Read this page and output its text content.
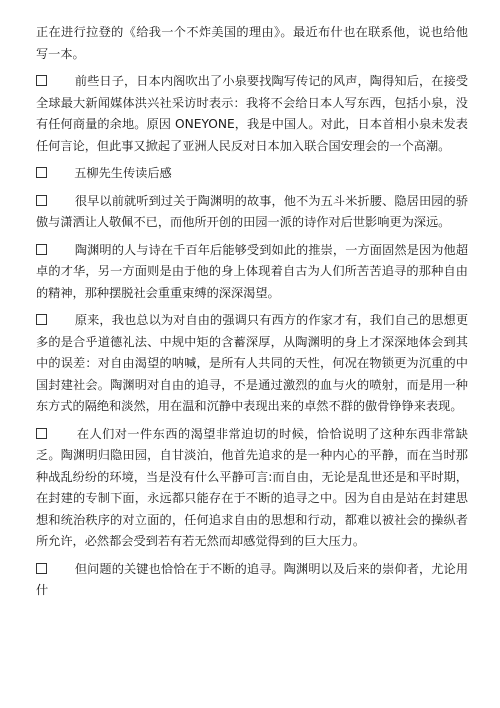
正在进行拉登的《给我一个不炸美国的理由》。最近布什也在联系他，说也给他写一本。

前些日子，日本内阁吹出了小泉要找陶写传记的风声，陶得知后，在接受全球最大新闻媒体洪兴社采访时表示：我将不会给日本人写东西，包括小泉，没有任何商量的余地。原因 ONEYONE，我是中国人。对此，日本首相小泉未发表任何言论，但此事又掀起了亚洲人民反对日本加入联合国安理会的一个高潮。

五柳先生传读后感

很早以前就听到过关于陶渊明的故事，他不为五斗米折腰、隐居田园的骄傲与潇洒让人敬佩不已，而他所开创的田园一派的诗作对后世影响更为深远。

陶渊明的人与诗在千百年后能够受到如此的推崇，一方面固然是因为他超卓的才华，另一方面则是由于他的身上体现着自古为人们所苦苦追寻的那种自由的精神，那种摆脱社会重重束缚的深深渴望。

原来，我也总以为对自由的强调只有西方的作家才有，我们自己的思想更多的是合乎道德礼法、中规中矩的含蓄深厚，从陶渊明的身上才深深地体会到其中的误差：对自由渴望的呐喊，是所有人共同的天性，何况在物锁更为沉重的中国封建社会。陶渊明对自由的追寻，不是通过激烈的血与火的喷射，而是用一种东方式的隔绝和淡然，用在温和沉静中表现出来的卓然不群的傲骨铮铮来表现。

在人们对一件东西的渴望非常迫切的时候，恰恰说明了这种东西非常缺乏。陶渊明归隐田园，自甘淡泊，他首先追求的是一种内心的平静，而在当时那种战乱纷纷的环境，当是没有什么平静可言:而自由，无论是乱世还是和平时期，在封建的专制下面，永远都只能存在于不断的追寻之中。因为自由是站在封建思想和统治秩序的对立面的，任何追求自由的思想和行动，都难以被社会的操纵者所允许，必然都会受到若有若无然而却感觉得到的巨大压力。

但问题的关键也恰恰在于不断的追寻。陶渊明以及后来的崇仰者，尤论用什
